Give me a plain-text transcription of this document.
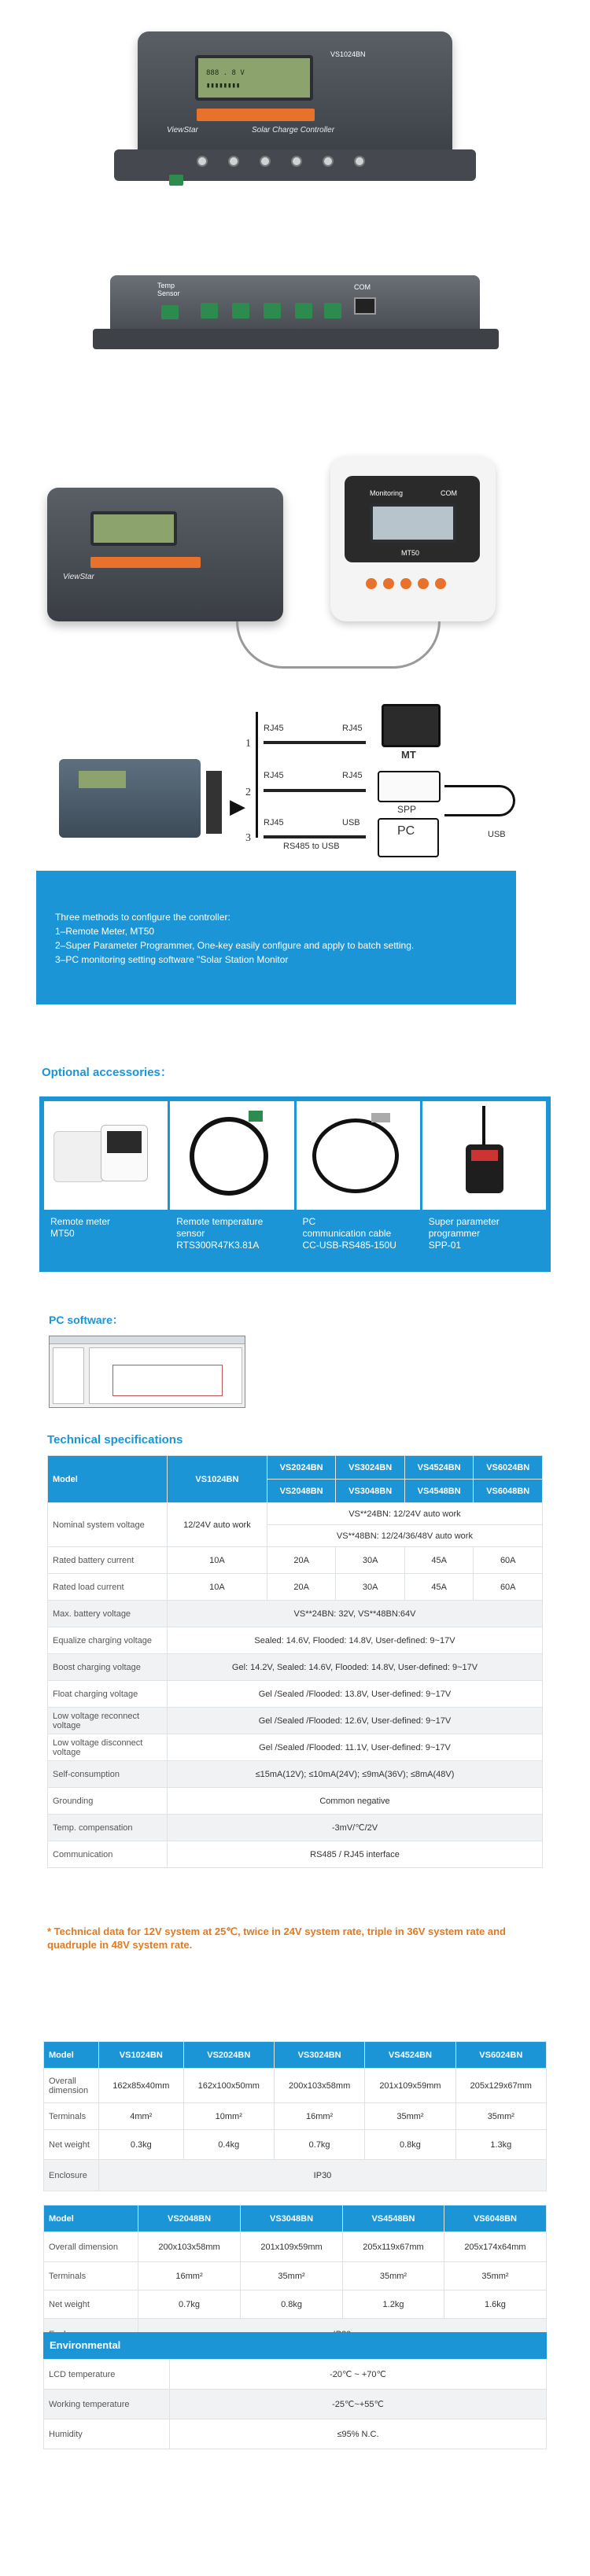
888 . 8 V
▮▮▮▮▮▮▮▮
VS1024BN
ViewStar	Solar Charge Controller
Temp
Sensor
COM
ViewStar
Monitoring	COM
MT50
▶
1
RJ45	RJ45
MT
2
RJ45	RJ45
SPP
3
RJ45	USB
RS485 to USB
PC	USB
Three methods to configure the controller:
1–Remote Meter, MT50
2–Super Parameter Programmer, One-key easily configure and apply to batch setting.
3–PC monitoring setting software "Solar Station Monitor
Optional accessories：
Remote meter
MT50
Remote temperature
sensor
RTS300R47K3.81A
PC
communication cable
CC-USB-RS485-150U
Super parameter
programmer
SPP-01
PC software：
Technical specifications
Model	VS1024BN	VS2024BN	VS3024BN	VS4524BN	VS6024BN
		VS2048BN	VS3048BN	VS4548BN	VS6048BN
Nominal system voltage	12/24V auto work	VS**24BN: 12/24V auto work			
		VS**48BN: 12/24/36/48V auto work			
Rated battery current	10A	20A	30A	45A	60A
Rated load current	10A	20A	30A	45A	60A
Max. battery voltage	VS**24BN: 32V, VS**48BN:64V				
Equalize charging voltage	Sealed: 14.6V, Flooded: 14.8V, User-defined: 9~17V				
Boost charging voltage	Gel: 14.2V, Sealed: 14.6V, Flooded: 14.8V, User-defined: 9~17V				
Float charging voltage	Gel /Sealed /Flooded: 13.8V, User-defined: 9~17V				
Low voltage reconnect voltage	Gel /Sealed /Flooded: 12.6V, User-defined: 9~17V				
Low voltage disconnect voltage	Gel /Sealed /Flooded: 11.1V, User-defined: 9~17V				
Self-consumption	≤15mA(12V); ≤10mA(24V); ≤9mA(36V); ≤8mA(48V)				
Grounding	Common negative				
Temp. compensation	-3mV/℃/2V				
Communication	RS485 / RJ45 interface				
* Technical data for 12V system at 25℃, twice in 24V system rate, triple in 36V system rate and quadruple in 48V system rate.
Model	VS1024BN	VS2024BN	VS3024BN	VS4524BN	VS6024BN
Overall dimension	162x85x40mm	162x100x50mm	200x103x58mm	201x109x59mm	205x129x67mm
Terminals	4mm²	10mm²	16mm²	35mm²	35mm²
Net weight	0.3kg	0.4kg	0.7kg	0.8kg	1.3kg
Enclosure	IP30				
Model	VS2048BN	VS3048BN	VS4548BN	VS6048BN
Overall dimension	200x103x58mm	201x109x59mm	205x119x67mm	205x174x64mm
Terminals	16mm²	35mm²	35mm²	35mm²
Net weight	0.7kg	0.8kg	1.2kg	1.6kg

Environmental
LCD temperature	-20℃ ~ +70℃
Working temperature	-25℃~+55℃
Humidity	≤95% N.C.
